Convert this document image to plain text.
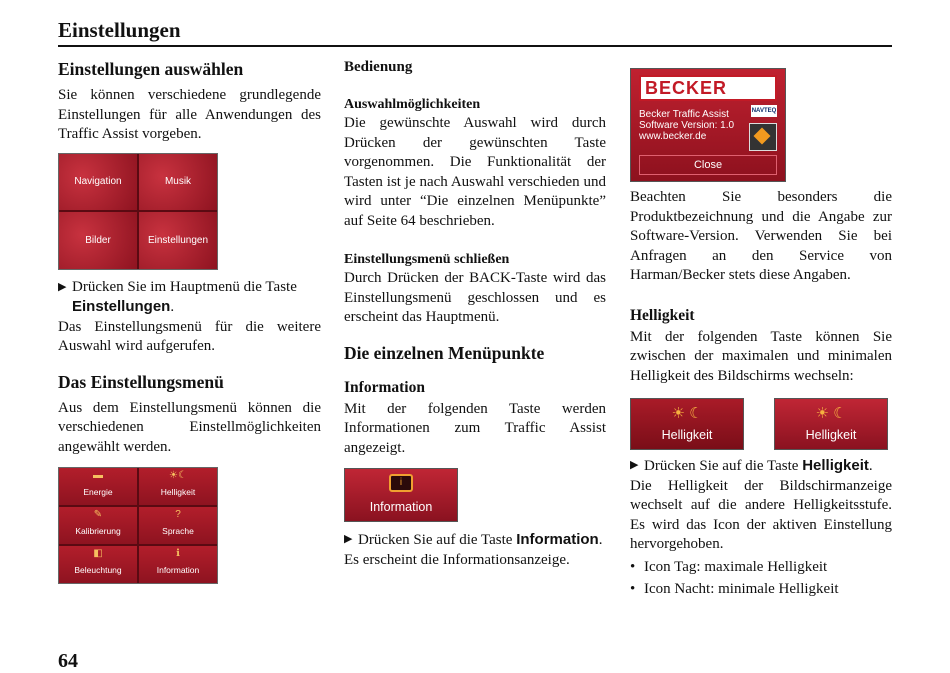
Einstellungen
Einstellungen auswählen

Sie können verschiedene grundlegende Einstellungen für alle Anwendungen des Traffic Assist vorgeben.

Navigation	Musik
Bilder	Einstellungen
▶ Drücken Sie im Hauptmenü die Taste Einstellungen.

Das Einstellungsmenü für die weitere Auswahl wird aufgerufen.

Das Einstellungsmenü

Aus dem Einstellungsmenü können die verschiedenen Einstellmöglichkeiten angewählt werden.

▬
Energie
☀☾
Helligkeit
✎
Kalibrierung
?
Sprache
◧
Beleuchtung
ℹ
Information
Bedienung
Auswahlmöglichkeiten

Die gewünschte Auswahl wird durch Drücken der gewünschten Taste vorgenommen. Die Funktionalität der Tasten ist je nach Auswahl verschieden und wird unter “Die einzelnen Menüpunkte” auf Seite 64 beschrieben.

Einstellungsmenü schließen

Durch Drücken der BACK-Taste wird das Einstellungsmenü geschlossen und es erscheint das Hauptmenü.

Die einzelnen Menüpunkte
Information

Mit der folgenden Taste werden Informationen zum Traffic Assist angezeigt.

i
Information
▶ Drücken Sie auf die Taste Information.

Es erscheint die Informationsanzeige.

BECKER
Becker Traffic Assist
Software Version: 1.0
www.becker.de
NAVTEQ
Close

Beachten Sie besonders die Produktbezeichnung und die Angabe zur Software-Version. Verwenden Sie bei Anfragen an den Service von Harman/Becker stets diese Angaben.

Helligkeit

Mit der folgenden Taste können Sie zwischen der maximalen und minimalen Helligkeit des Bildschirms wechseln:

☀ ☾
Helligkeit
☀ ☾
Helligkeit
▶ Drücken Sie auf die Taste Helligkeit.

Die Helligkeit der Bildschirmanzeige wechselt auf die andere Helligkeitsstufe. Es wird das Icon der aktiven Einstellung hervorgehoben.

• Icon Tag: maximale Helligkeit
• Icon Nacht: minimale Helligkeit
64
